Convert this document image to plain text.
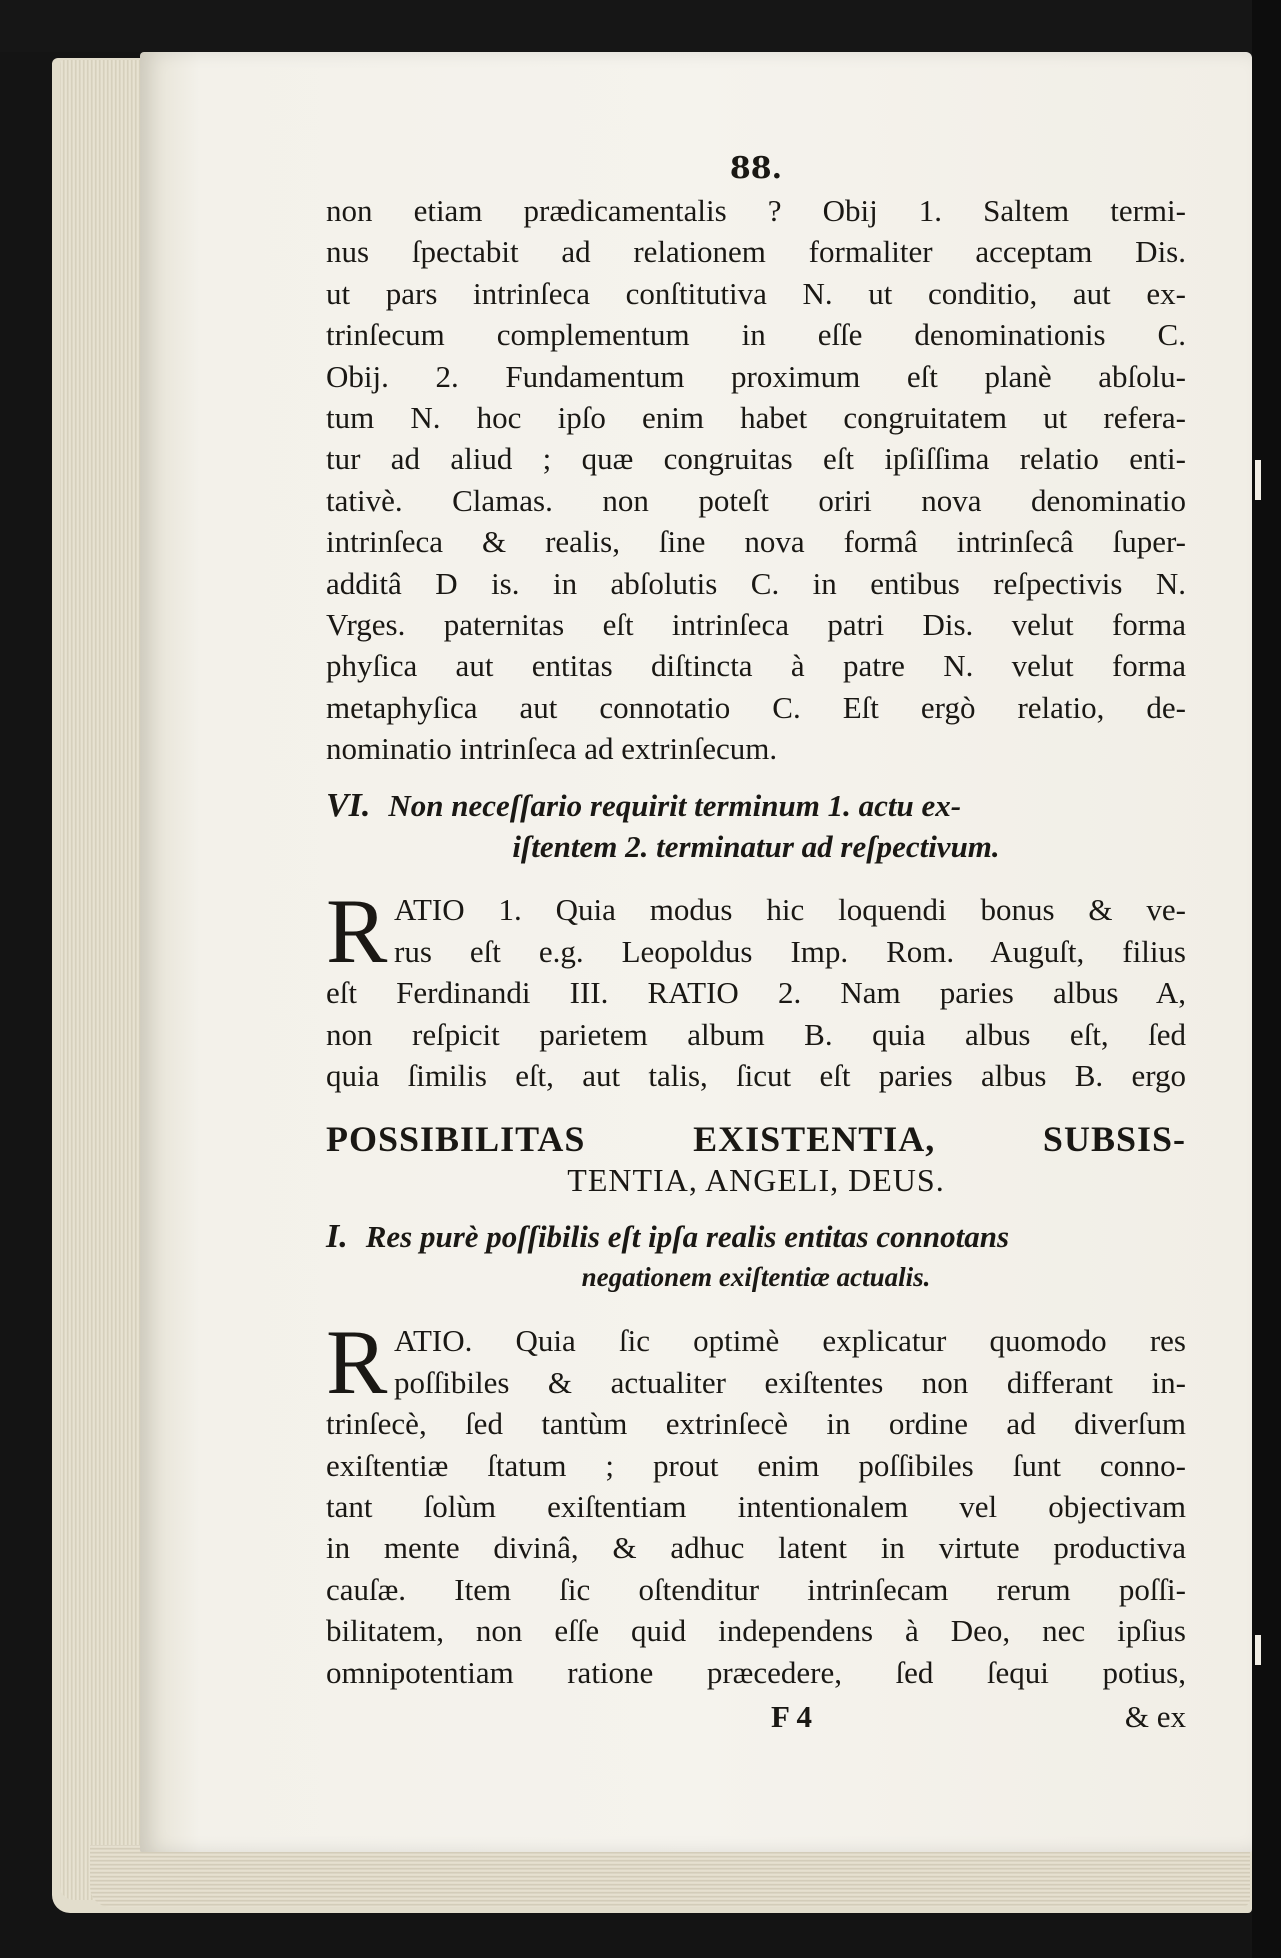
88.
non etiam prædicamentalis ? Obij 1. Saltem termi-
nus ſpectabit ad relationem formaliter acceptam Dis.
ut pars intrinſeca conſtitutiva N. ut conditio, aut ex-
trinſecum complementum in eſſe denominationis C.
Obij. 2. Fundamentum proximum eſt planè abſolu-
tum N. hoc ipſo enim habet congruitatem ut refera-
tur ad aliud ; quæ congruitas eſt ipſiſſima relatio enti-
tativè. Clamas. non poteſt oriri nova denominatio
intrinſeca & realis, ſine nova formâ intrinſecâ ſuper-
additâ D is. in abſolutis C. in entibus reſpectivis N.
Vrges. paternitas eſt intrinſeca patri Dis. velut forma
phyſica aut entitas diſtincta à patre N. velut forma
metaphyſica aut connotatio C. Eſt ergò relatio, de-
nominatio intrinſeca ad extrinſecum.
VI. Non neceſſario requirit terminum 1. actu ex-
iſtentem 2. terminatur ad reſpectivum.
R ATIO 1. Quia modus hic loquendi bonus & ve-
rus eſt e.g. Leopoldus Imp. Rom. Auguſt, filius
eſt Ferdinandi III. RATIO 2. Nam paries albus A,
non reſpicit parietem album B. quia albus eſt, ſed
quia ſimilis eſt, aut talis, ſicut eſt paries albus B. ergo
POSSIBILITAS EXISTENTIA, SUBSIS-
TENTIA, ANGELI, DEUS.
I. Res purè poſſibilis eſt ipſa realis entitas connotans
negationem exiſtentiæ actualis.
R ATIO. Quia ſic optimè explicatur quomodo res
poſſibiles & actualiter exiſtentes non differant in-
trinſecè, ſed tantùm extrinſecè in ordine ad diverſum
exiſtentiæ ſtatum ; prout enim poſſibiles ſunt conno-
tant ſolùm exiſtentiam intentionalem vel objectivam
in mente divinâ, & adhuc latent in virtute productiva
cauſæ. Item ſic oſtenditur intrinſecam rerum poſſi-
bilitatem, non eſſe quid independens à Deo, nec ipſius
omnipotentiam ratione præcedere, ſed ſequi potius,
F 4	& ex
